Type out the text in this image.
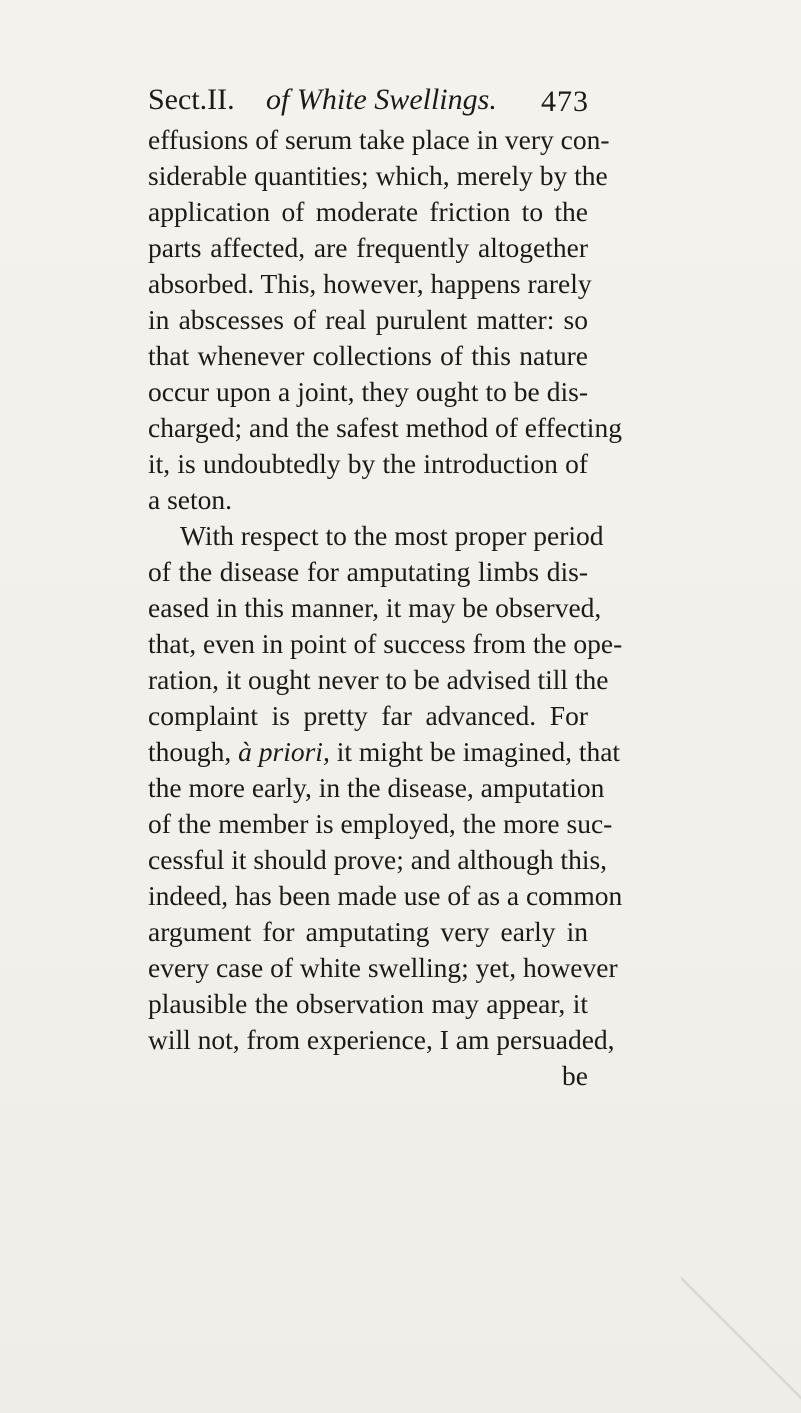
Sect.II. of White Swellings. 473
effusions of serum take place in very con-
siderable quantities; which, merely by the
application of moderate friction to the
parts affected, are frequently altogether
absorbed. This, however, happens rarely
in abscesses of real purulent matter: so
that whenever collections of this nature
occur upon a joint, they ought to be dis-
charged; and the safest method of effecting
it, is undoubtedly by the introduction of
a seton.
With respect to the most proper period
of the disease for amputating limbs dis-
eased in this manner, it may be observed,
that, even in point of success from the ope-
ration, it ought never to be advised till the
complaint is pretty far advanced. For
though, à priori, it might be imagined, that
the more early, in the disease, amputation
of the member is employed, the more suc-
cessful it should prove; and although this,
indeed, has been made use of as a common
argument for amputating very early in
every case of white swelling; yet, however
plausible the observation may appear, it
will not, from experience, I am persuaded,
be
